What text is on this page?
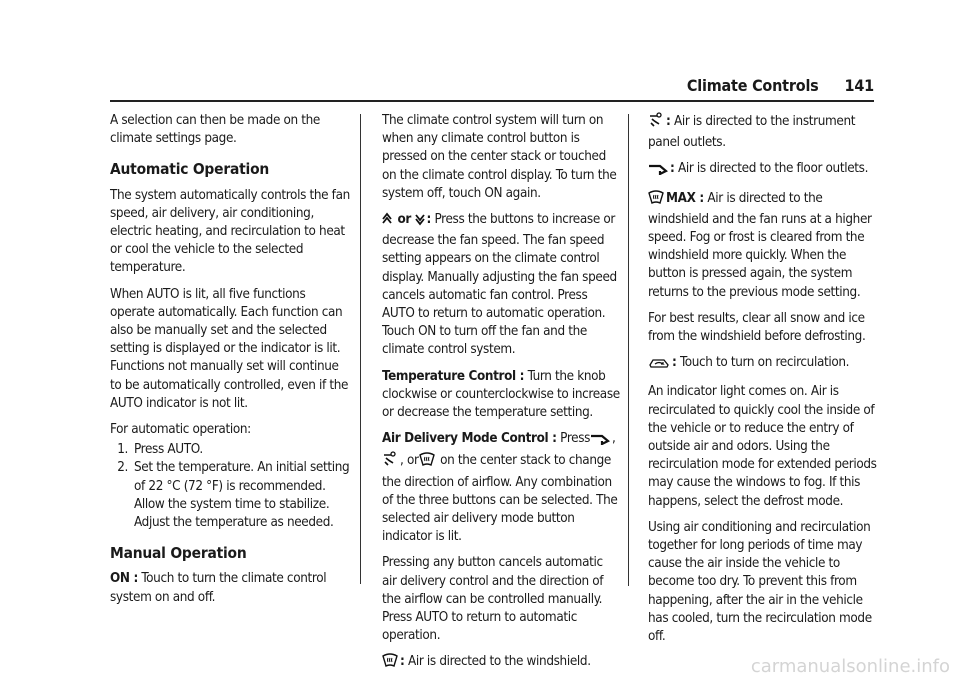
Climate Controls 141

A selection can then be made on the climate settings page.

Automatic Operation

The system automatically controls the fan speed, air delivery, air conditioning, electric heating, and recirculation to heat or cool the vehicle to the selected temperature.

When AUTO is lit, all five functions operate automatically. Each function can also be manually set and the selected setting is displayed or the indicator is lit. Functions not manually set will continue to be automatically controlled, even if the AUTO indicator is not lit.

For automatic operation:

1. Press AUTO.
2. Set the temperature. An initial setting of 22 °C (72 °F) is recommended. Allow the system time to stabilize. Adjust the temperature as needed.
Manual Operation

ON : Touch to turn the climate control system on and off.

The climate control system will turn on when any climate control button is pressed on the center stack or touched on the climate control display. To turn the system off, touch ON again.

or : Press the buttons to increase or decrease the fan speed. The fan speed setting appears on the climate control display. Manually adjusting the fan speed cancels automatic fan control. Press AUTO to return to automatic operation. Touch ON to turn off the fan and the climate control system.

Temperature Control : Turn the knob clockwise or counterclockwise to increase or decrease the temperature setting.

Air Delivery Mode Control : Press , , or on the center stack to change the direction of airflow. Any combination of the three buttons can be selected. The selected air delivery mode button indicator is lit.

Pressing any button cancels automatic air delivery control and the direction of the airflow can be controlled manually. Press AUTO to return to automatic operation.

: Air is directed to the windshield.

: Air is directed to the instrument panel outlets.

: Air is directed to the floor outlets.

MAX : Air is directed to the windshield and the fan runs at a higher speed. Fog or frost is cleared from the windshield more quickly. When the button is pressed again, the system returns to the previous mode setting.

For best results, clear all snow and ice from the windshield before defrosting.

: Touch to turn on recirculation.

An indicator light comes on. Air is recirculated to quickly cool the inside of the vehicle or to reduce the entry of outside air and odors. Using the recirculation mode for extended periods may cause the windows to fog. If this happens, select the defrost mode.

Using air conditioning and recirculation together for long periods of time may cause the air inside the vehicle to become too dry. To prevent this from happening, after the air in the vehicle has cooled, turn the recirculation mode off.

carmanualsonline.info
